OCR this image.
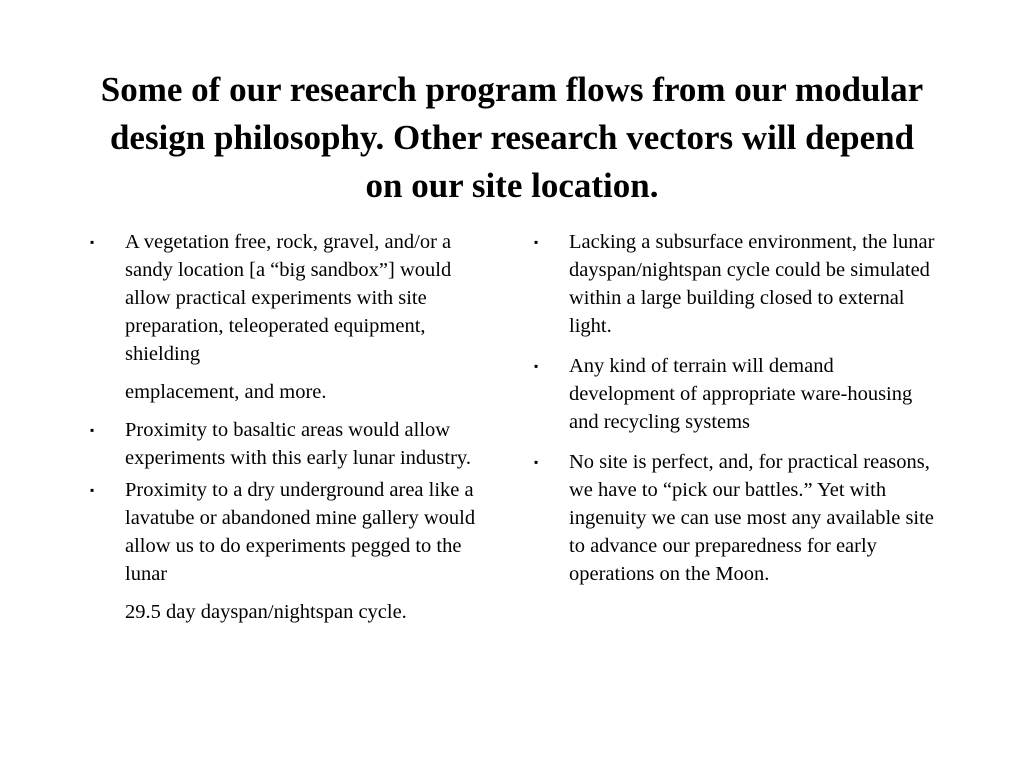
Some of our research program flows from our modular design philosophy. Other research vectors will depend on our site location.
▪	A vegetation free, rock, gravel, and/or a sandy location [a “big sandbox”] would allow practical experiments with site preparation, teleoperated equipment, shielding
emplacement, and more.
▪	Proximity to basaltic areas would allow experiments with this early lunar industry.
▪	Proximity to a dry underground area like a lavatube or abandoned mine gallery would allow us to do experiments pegged to the lunar
29.5 day dayspan/nightspan cycle.
▪	Lacking a subsurface environment, the lunar dayspan/nightspan cycle could be simulated within a large building closed to external light.
▪	Any kind of terrain will demand development of appropriate ware-housing and recycling systems
▪	No site is perfect, and, for practical reasons, we have to “pick our battles.” Yet with ingenuity we can use most any available site to advance our preparedness for early operations on the Moon.
